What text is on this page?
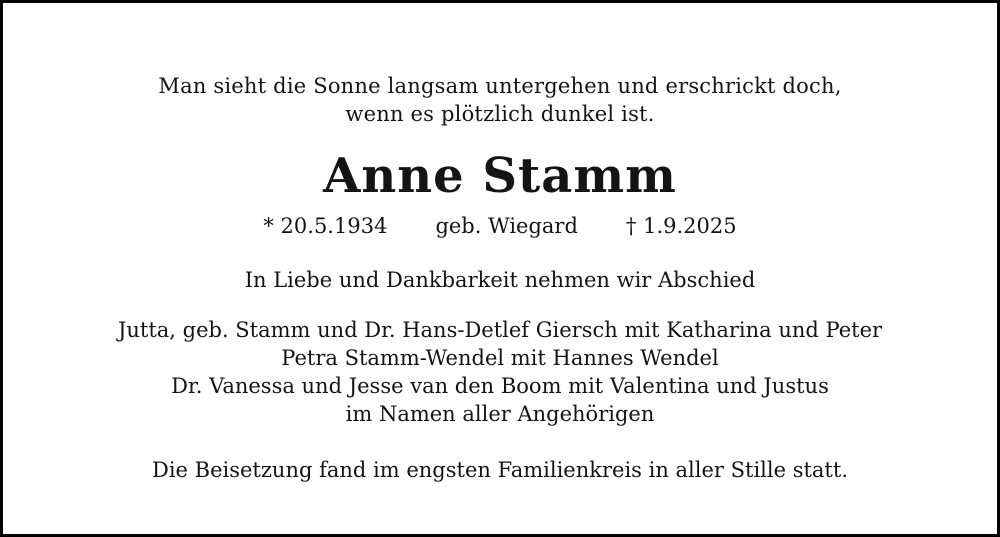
Man sieht die Sonne langsam untergehen und erschrickt doch,
wenn es plötzlich dunkel ist.
Anne Stamm
* 20.5.1934 geb. Wiegard † 1.9.2025
In Liebe und Dankbarkeit nehmen wir Abschied
Jutta, geb. Stamm und Dr. Hans-Detlef Giersch mit Katharina und Peter
Petra Stamm-Wendel mit Hannes Wendel
Dr. Vanessa und Jesse van den Boom mit Valentina und Justus
im Namen aller Angehörigen
Die Beisetzung fand im engsten Familienkreis in aller Stille statt.
